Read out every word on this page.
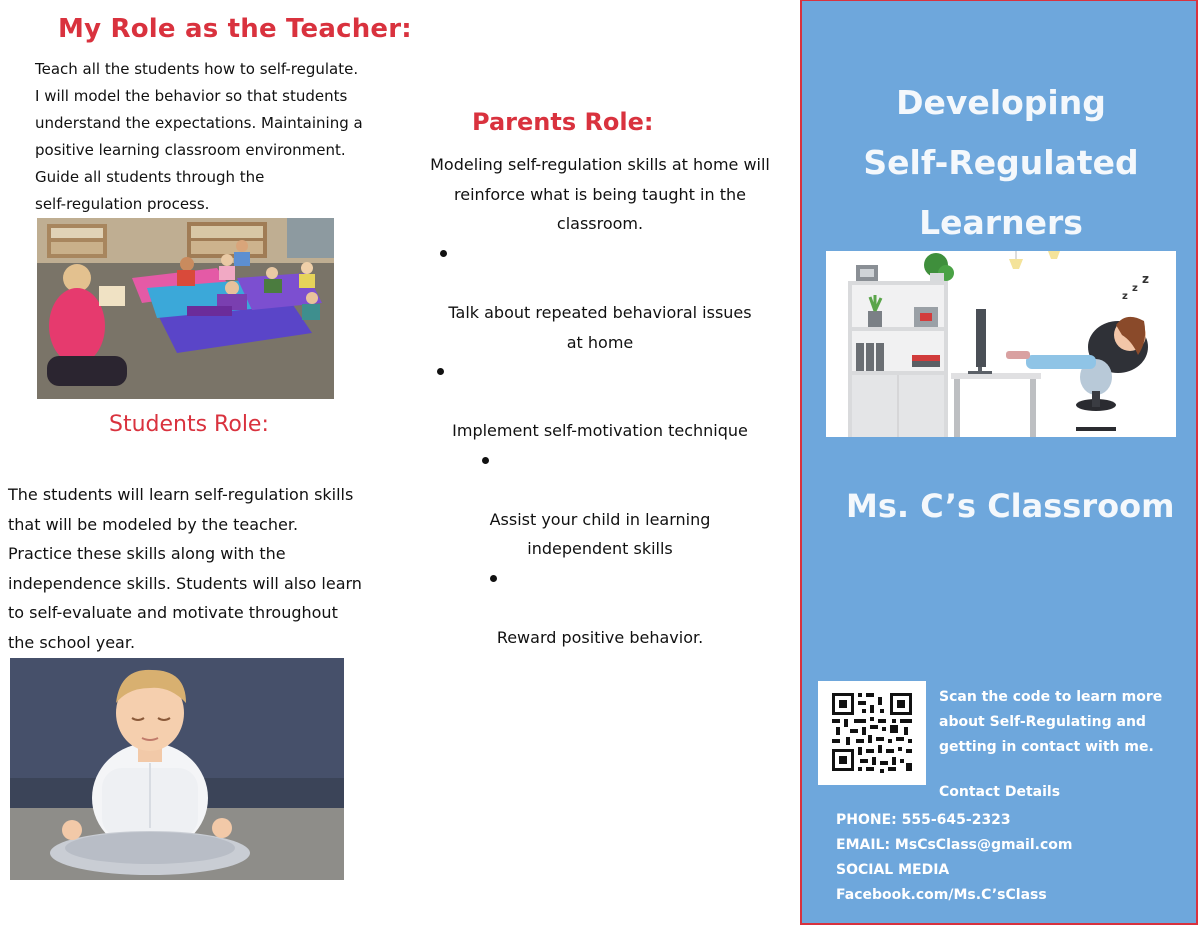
My Role as the Teacher:

Teach all the students how to self-regulate.
I will model the behavior so that students
understand the expectations. Maintaining a
positive learning classroom environment.
Guide all students through the
self-regulation process.

Students Role:

The students will learn self-regulation skills
that will be modeled by the teacher.
Practice these skills along with the
independence skills. Students will also learn
to self-evaluate and motivate throughout
the school year.

Parents Role:

Modeling self-regulation skills at home will
reinforce what is being taught in the
classroom.

Talk about repeated behavioral issues
at home

Implement self-motivation technique

Assist your child in learning
independent skills

Reward positive behavior.

Developing
Self-Regulated
Learners
z
z
z
Ms. C’s Classroom

Scan the code to learn more
about Self-Regulating and
getting in contact with me.

Contact Details
PHONE: 555-645-2323
EMAIL: MsCsClass@gmail.com
SOCIAL MEDIA
Facebook.com/Ms.C’sClass
